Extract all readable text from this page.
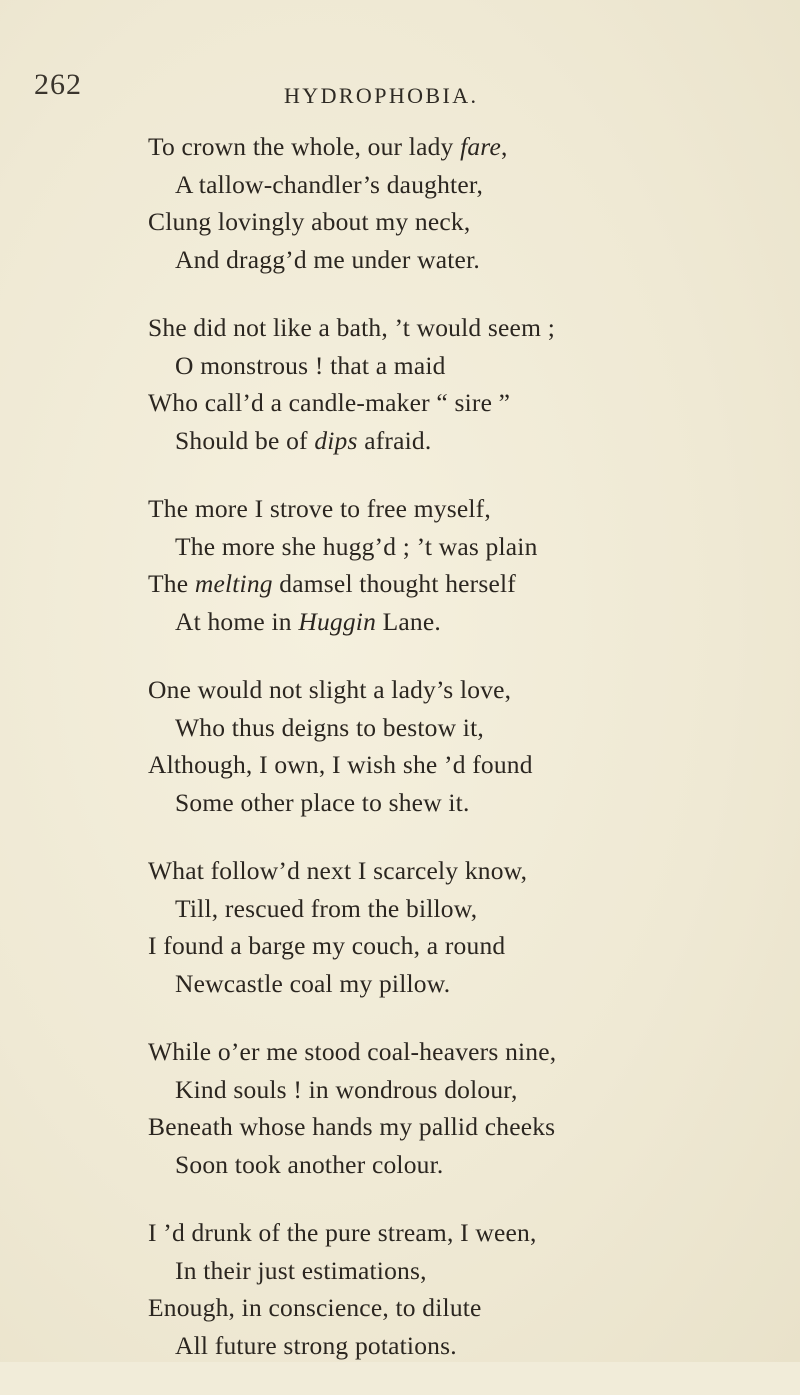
262	HYDROPHOBIA.
To crown the whole, our lady fare,
A tallow-chandler’s daughter,
Clung lovingly about my neck,
And dragg’d me under water.
She did not like a bath, ’t would seem ;
O monstrous ! that a maid
Who call’d a candle-maker “ sire ”
Should be of dips afraid.
The more I strove to free myself,
The more she hugg’d ; ’t was plain
The melting damsel thought herself
At home in Huggin Lane.
One would not slight a lady’s love,
Who thus deigns to bestow it,
Although, I own, I wish she ’d found
Some other place to shew it.
What follow’d next I scarcely know,
Till, rescued from the billow,
I found a barge my couch, a round
Newcastle coal my pillow.
While o’er me stood coal-heavers nine,
Kind souls ! in wondrous dolour,
Beneath whose hands my pallid cheeks
Soon took another colour.
I ’d drunk of the pure stream, I ween,
In their just estimations,
Enough, in conscience, to dilute
All future strong potations.
